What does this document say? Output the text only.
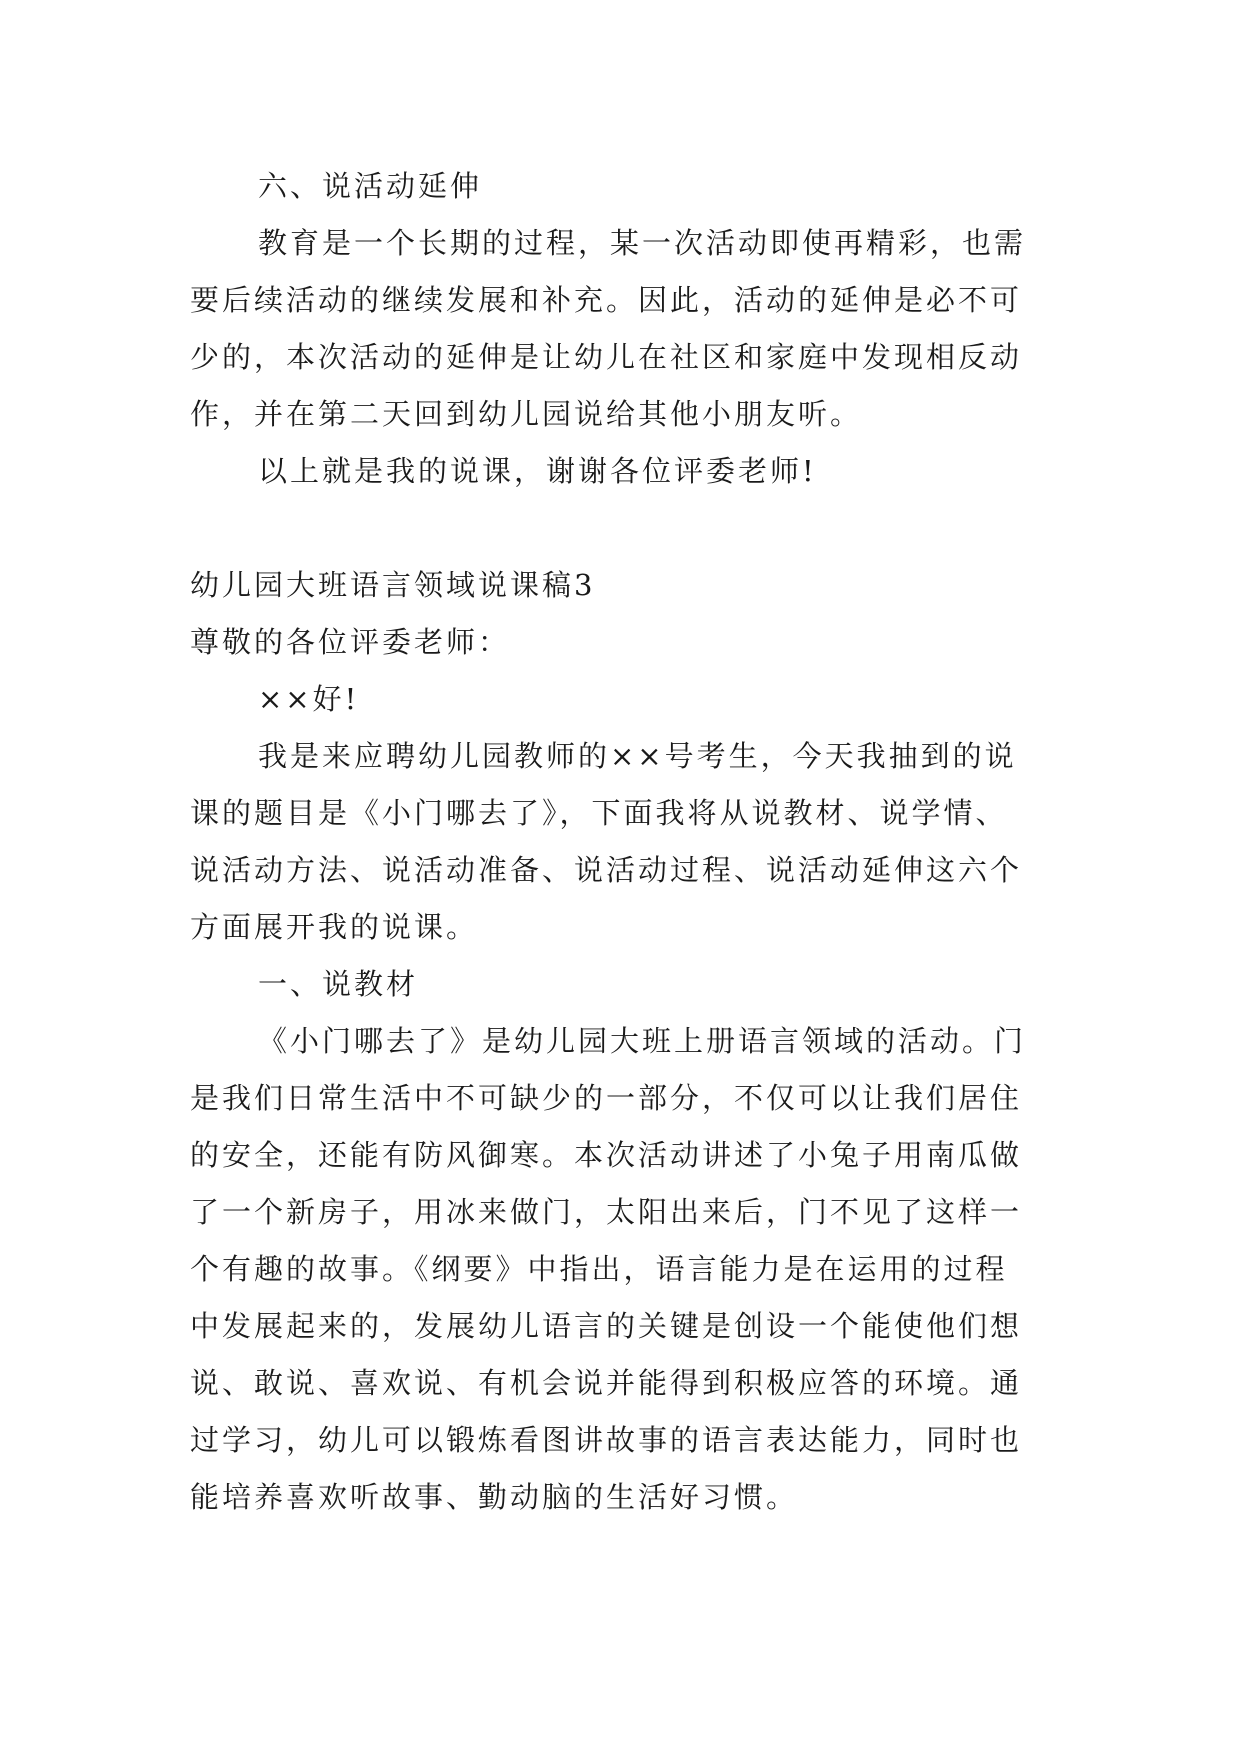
六、说活动延伸
教育是一个长期的过程，某一次活动即使再精彩，也需
要后续活动的继续发展和补充。因此，活动的延伸是必不可
少的，本次活动的延伸是让幼儿在社区和家庭中发现相反动
作，并在第二天回到幼儿园说给其他小朋友听。
以上就是我的说课，谢谢各位评委老师!
幼儿园大班语言领域说课稿3
尊敬的各位评委老师：
××好!
我是来应聘幼儿园教师的××号考生，今天我抽到的说
课的题目是《小门哪去了》，下面我将从说教材、说学情、
说活动方法、说活动准备、说活动过程、说活动延伸这六个
方面展开我的说课。
一、说教材
《小门哪去了》是幼儿园大班上册语言领域的活动。门
是我们日常生活中不可缺少的一部分，不仅可以让我们居住
的安全，还能有防风御寒。本次活动讲述了小兔子用南瓜做
了一个新房子，用冰来做门，太阳出来后，门不见了这样一
个有趣的故事。《纲要》中指出，语言能力是在运用的过程
中发展起来的，发展幼儿语言的关键是创设一个能使他们想
说、敢说、喜欢说、有机会说并能得到积极应答的环境。通
过学习，幼儿可以锻炼看图讲故事的语言表达能力，同时也
能培养喜欢听故事、勤动脑的生活好习惯。
